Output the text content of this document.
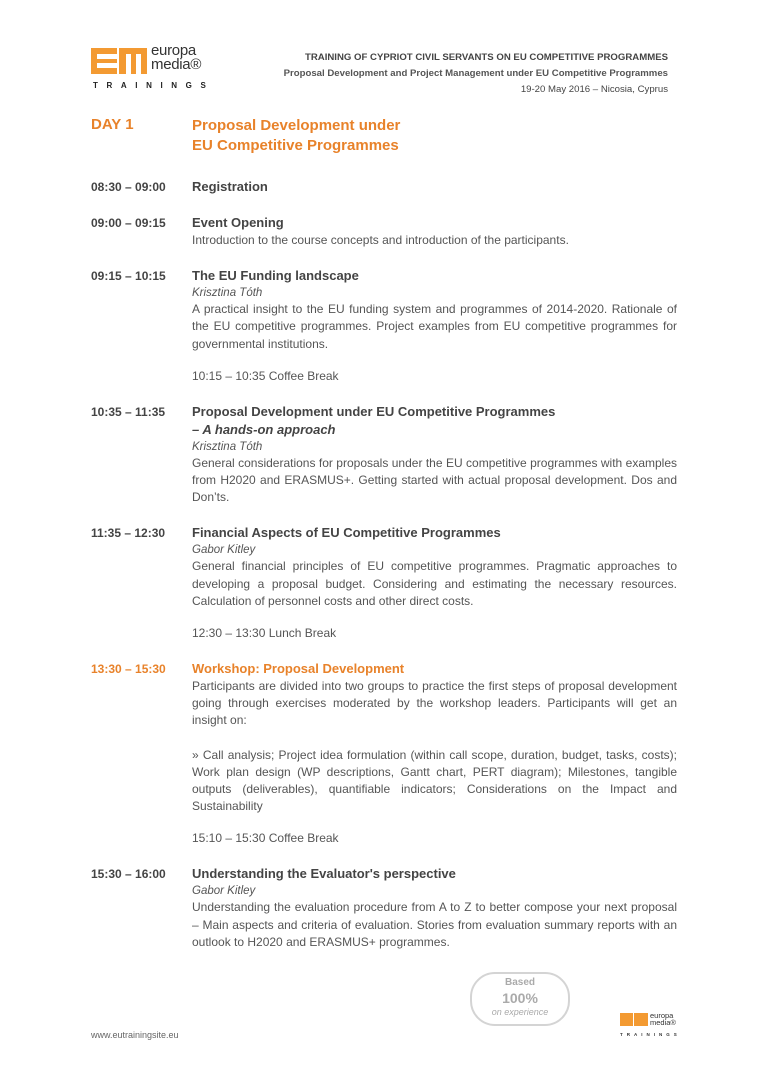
europa
media®
TRAININGS
TRAINING OF CYPRIOT CIVIL SERVANTS ON EU COMPETITIVE PROGRAMMES
Proposal Development and Project Management under EU Competitive Programmes
19-20 May 2016 – Nicosia, Cyprus
DAY 1	Proposal Development under
EU Competitive Programmes
08:30 – 09:00 Registration
09:00 – 09:15 Event Opening
Introduction to the course concepts and introduction of the participants.
09:15 – 10:15 The EU Funding landscape
Krisztina Tóth
A practical insight to the EU funding system and programmes of 2014-2020. Rationale of the EU competitive programmes. Project examples from EU competitive programmes for governmental institutions.
10:15 – 10:35 Coffee Break
10:35 – 11:35 Proposal Development under EU Competitive Programmes
– A hands-on approach
Krisztina Tóth
General considerations for proposals under the EU competitive programmes with examples from H2020 and ERASMUS+. Getting started with actual proposal development. Dos and Don’ts.
11:35 – 12:30 Financial Aspects of EU Competitive Programmes
Gabor Kitley
General financial principles of EU competitive programmes. Pragmatic approaches to developing a proposal budget. Considering and estimating the necessary resources. Calculation of personnel costs and other direct costs.
12:30 – 13:30 Lunch Break
13:30 – 15:30 Workshop: Proposal Development
Participants are divided into two groups to practice the first steps of proposal development going through exercises moderated by the workshop leaders. Participants will get an insight on:
» Call analysis; Project idea formulation (within call scope, duration, budget, tasks, costs); Work plan design (WP descriptions, Gantt chart, PERT diagram); Milestones, tangible outputs (deliverables), quantifiable indicators; Considerations on the Impact and Sustainability
15:10 – 15:30 Coffee Break
15:30 – 16:00 Understanding the Evaluator's perspective
Gabor Kitley
Understanding the evaluation procedure from A to Z to better compose your next proposal – Main aspects and criteria of evaluation. Stories from evaluation summary reports with an outlook to H2020 and ERASMUS+ programmes.
Based
100%
on experience
www.eutrainingsite.eu
europa
media®
TRAININGS
